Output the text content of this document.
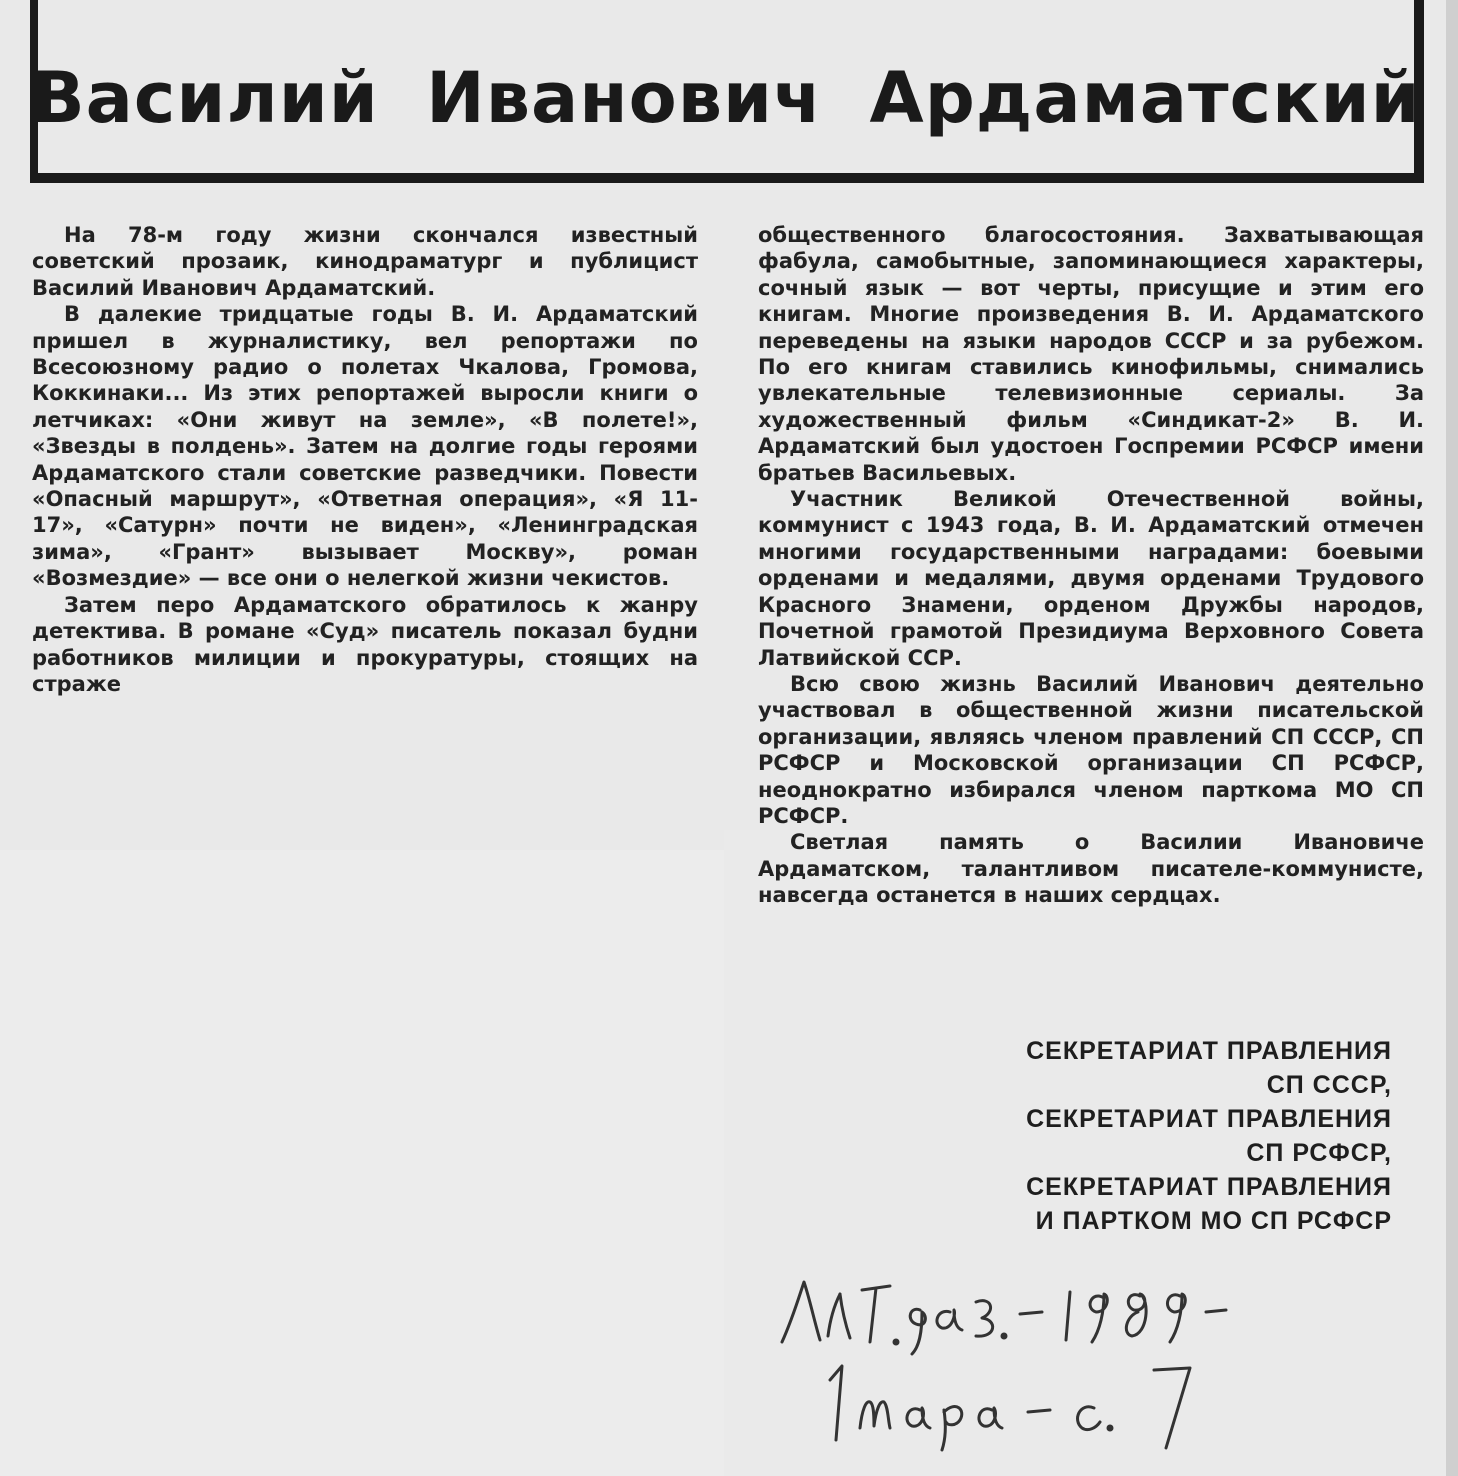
Василий Иванович Ардаматский

На 78-м году жизни скончался известный советский прозаик, кинодраматург и публицист Василий Иванович Ардаматский.

В далекие тридцатые годы В. И. Ардаматский пришел в журналистику, вел репортажи по Всесоюзному радио о полетах Чкалова, Громова, Коккинаки... Из этих репортажей выросли книги о летчиках: «Они живут на земле», «В полете!», «Звезды в полдень». Затем на долгие годы героями Ардаматского стали советские разведчики. Повести «Опасный маршрут», «Ответная операция», «Я 11-17», «Сатурн» почти не виден», «Ленинградская зима», «Грант» вызывает Москву», роман «Возмездие» — все они о нелегкой жизни чекистов.

Затем перо Ардаматского обратилось к жанру детектива. В романе «Суд» писатель показал будни работников милиции и прокуратуры, стоящих на страже

общественного благосостояния. Захватывающая фабула, самобытные, запоминающиеся характеры, сочный язык — вот черты, присущие и этим его книгам. Многие произведения В. И. Ардаматского переведены на языки народов СССР и за рубежом. По его книгам ставились кинофильмы, снимались увлекательные телевизионные сериалы. За художественный фильм «Синдикат-2» В. И. Ардаматский был удостоен Госпремии РСФСР имени братьев Васильевых.

Участник Великой Отечественной войны, коммунист с 1943 года, В. И. Ардаматский отмечен многими государственными наградами: боевыми орденами и медалями, двумя орденами Трудового Красного Знамени, орденом Дружбы народов, Почетной грамотой Президиума Верховного Совета Латвийской ССР.

Всю свою жизнь Василий Иванович деятельно участвовал в общественной жизни писательской организации, являясь членом правлений СП СССР, СП РСФСР и Московской организации СП РСФСР, неоднократно избирался членом парткома МО СП РСФСР.

Светлая память о Василии Ивановиче Ардаматском, талантливом писателе-коммунисте, навсегда останется в наших сердцах.

СЕКРЕТАРИАТ ПРАВЛЕНИЯ
СП СССР,
СЕКРЕТАРИАТ ПРАВЛЕНИЯ
СП РСФСР,
СЕКРЕТАРИАТ ПРАВЛЕНИЯ
И ПАРТКОМ МО СП РСФСР
